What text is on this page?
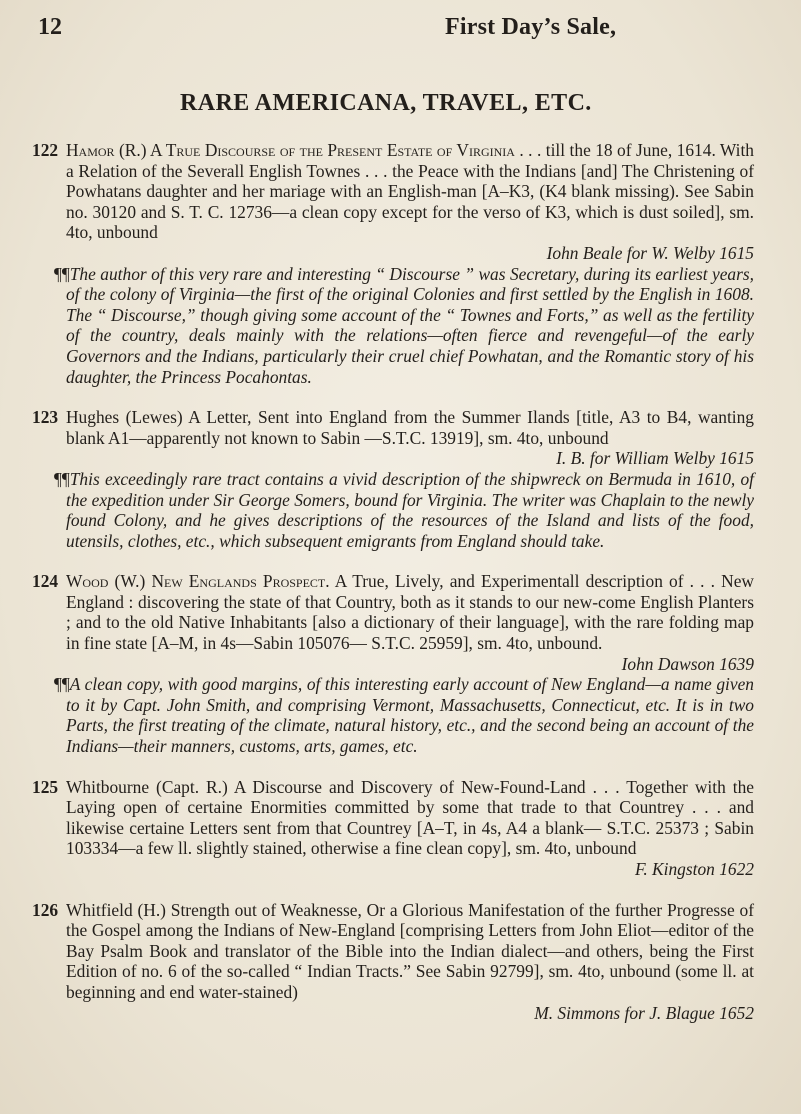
12	First Day’s Sale,
RARE AMERICANA, TRAVEL, ETC.

122 Hamor (R.) A True Discourse of the Present Estate of Virginia . . . till the 18 of June, 1614. With a Relation of the Severall English Townes . . . the Peace with the Indians [and] The Christening of Powhatans daughter and her mariage with an English-man [A–K3, (K4 blank missing). See Sabin no. 30120 and S. T. C. 12736—a clean copy except for the verso of K3, which is dust soiled], sm. 4to, unbound
Iohn Beale for W. Welby 1615

¶¶The author of this very rare and interesting “ Discourse ” was Secretary, during its earliest years, of the colony of Virginia—the first of the original Colonies and first settled by the English in 1608. The “ Discourse,” though giving some account of the “ Townes and Forts,” as well as the fertility of the country, deals mainly with the relations—often fierce and revengeful—of the early Governors and the Indians, particularly their cruel chief Powhatan, and the Romantic story of his daughter, the Princess Pocahontas.

123 Hughes (Lewes) A Letter, Sent into England from the Summer Ilands [title, A3 to B4, wanting blank A1—apparently not known to Sabin —S.T.C. 13919], sm. 4to, unbound
I. B. for William Welby 1615

¶¶This exceedingly rare tract contains a vivid description of the shipwreck on Bermuda in 1610, of the expedition under Sir George Somers, bound for Virginia. The writer was Chaplain to the newly found Colony, and he gives descriptions of the resources of the Island and lists of the food, utensils, clothes, etc., which subsequent emigrants from England should take.

124 Wood (W.) New Englands Prospect. A True, Lively, and Experimentall description of . . . New England : discovering the state of that Country, both as it stands to our new-come English Planters ; and to the old Native Inhabitants [also a dictionary of their language], with the rare folding map in fine state [A–M, in 4s—Sabin 105076— S.T.C. 25959], sm. 4to, unbound.
Iohn Dawson 1639

¶¶A clean copy, with good margins, of this interesting early account of New England—a name given to it by Capt. John Smith, and comprising Vermont, Massachusetts, Connecticut, etc. It is in two Parts, the first treating of the climate, natural history, etc., and the second being an account of the Indians—their manners, customs, arts, games, etc.

125 Whitbourne (Capt. R.) A Discourse and Discovery of New-Found-Land . . . Together with the Laying open of certaine Enormities committed by some that trade to that Countrey . . . and likewise certaine Letters sent from that Countrey [A–T, in 4s, A4 a blank— S.T.C. 25373 ; Sabin 103334—a few ll. slightly stained, otherwise a fine clean copy], sm. 4to, unbound
F. Kingston 1622

126 Whitfield (H.) Strength out of Weaknesse, Or a Glorious Manifestation of the further Progresse of the Gospel among the Indians of New-England [comprising Letters from John Eliot—editor of the Bay Psalm Book and translator of the Bible into the Indian dialect—and others, being the First Edition of no. 6 of the so-called “ Indian Tracts.” See Sabin 92799], sm. 4to, unbound (some ll. at beginning and end water-stained)
M. Simmons for J. Blague 1652
